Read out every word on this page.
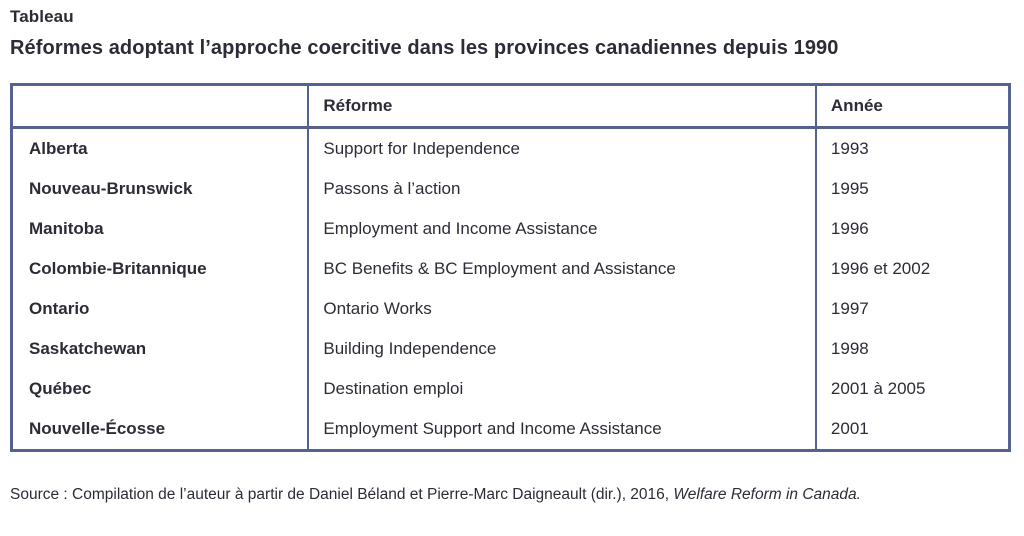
Tableau
Réformes adoptant l’approche coercitive dans les provinces canadiennes depuis 1990
	Réforme	Année
Alberta	Support for Independence	1993
Nouveau-Brunswick	Passons à l’action	1995
Manitoba	Employment and Income Assistance	1996
Colombie-Britannique	BC Benefits & BC Employment and Assistance	1996 et 2002
Ontario	Ontario Works	1997
Saskatchewan	Building Independence	1998
Québec	Destination emploi	2001 à 2005
Nouvelle-Écosse	Employment Support and Income Assistance	2001

Source : Compilation de l’auteur à partir de Daniel Béland et Pierre-Marc Daigneault (dir.), 2016, Welfare Reform in Canada.
